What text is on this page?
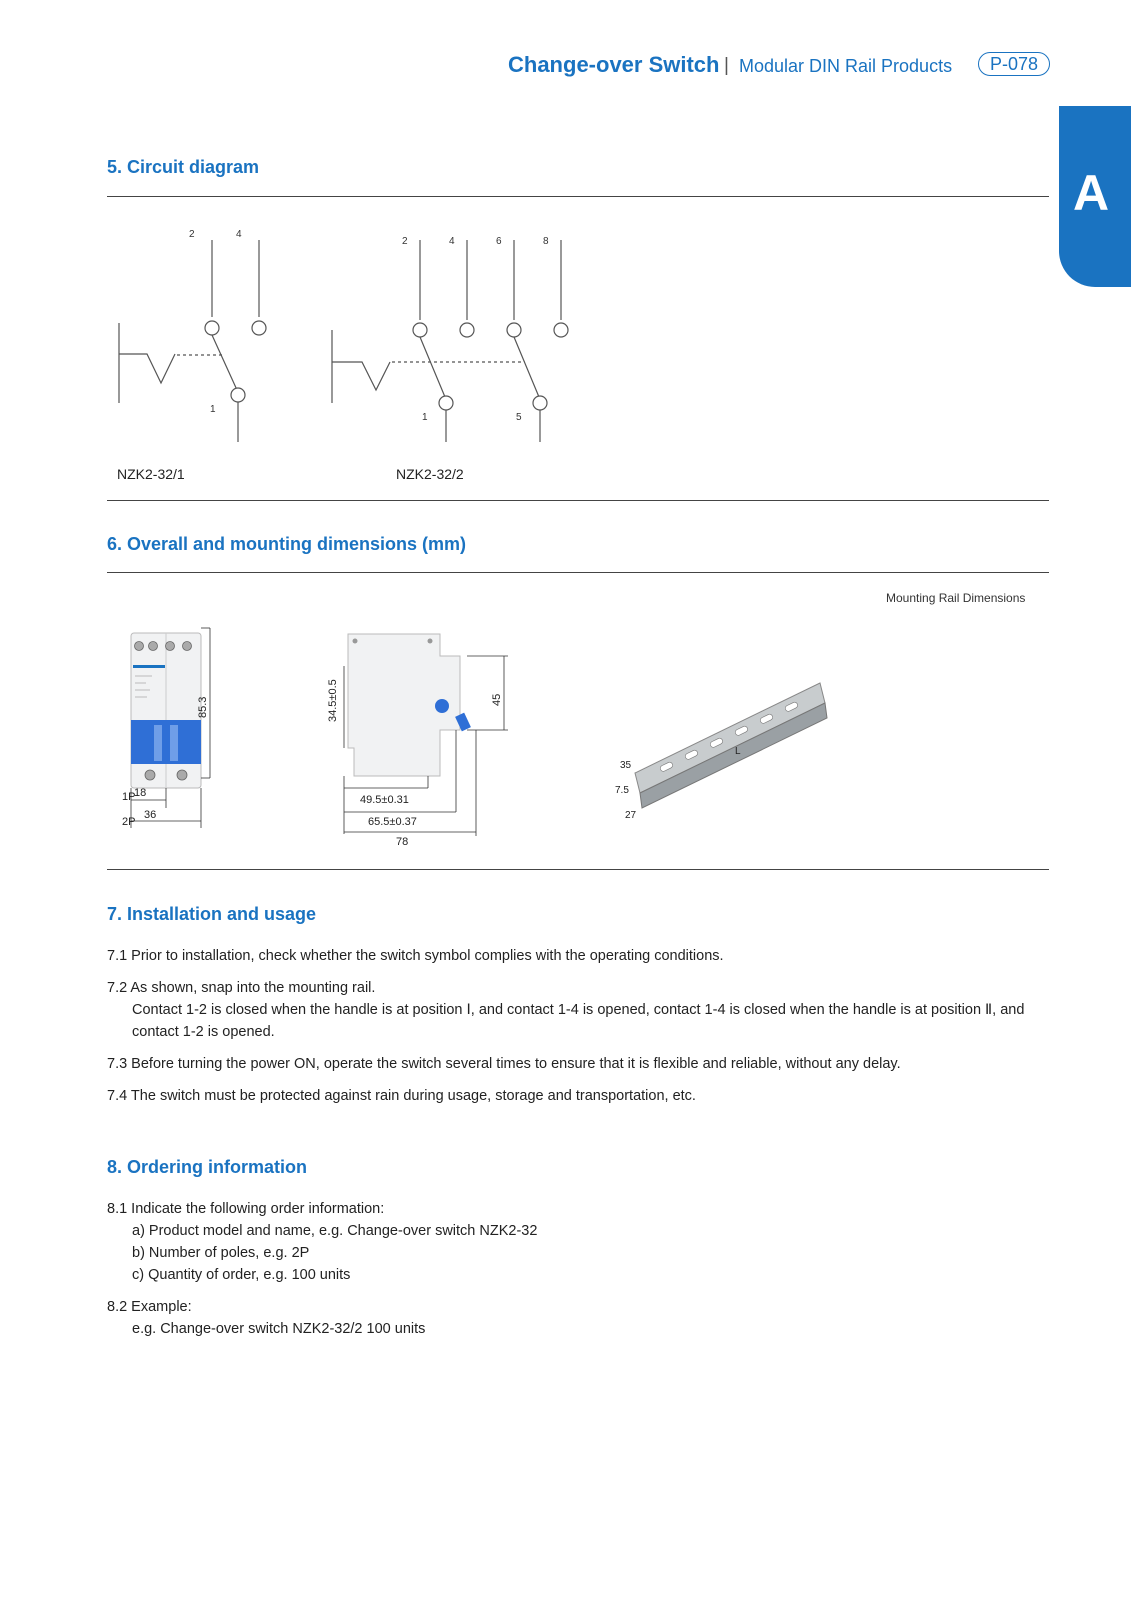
Change-over Switch | Modular DIN Rail Products	P-078
A
5. Circuit diagram
2	4
1
2	4	6	8
1	5
NZK2-32/1	NZK2-32/2
6. Overall and mounting dimensions (mm)
Mounting Rail Dimensions
85.3
1P
18
2P
36
34.5±0.5	45
49.5±0.31
65.5±0.37
78
35
7.5
27
L
7. Installation and usage
7.1 Prior to installation, check whether the switch symbol complies with the operating conditions.
7.2 As shown, snap into the mounting rail.
Contact 1-2 is closed when the handle is at position Ⅰ, and contact 1-4 is opened, contact 1-4 is closed when the handle is at position Ⅱ, and contact 1-2 is opened.
7.3 Before turning the power ON, operate the switch several times to ensure that it is flexible and reliable, without any delay.
7.4 The switch must be protected against rain during usage, storage and transportation, etc.
8. Ordering information
8.1 Indicate the following order information:
a) Product model and name, e.g. Change-over switch NZK2-32
b) Number of poles, e.g. 2P
c) Quantity of order, e.g. 100 units
8.2 Example:
e.g. Change-over switch NZK2-32/2 100 units
